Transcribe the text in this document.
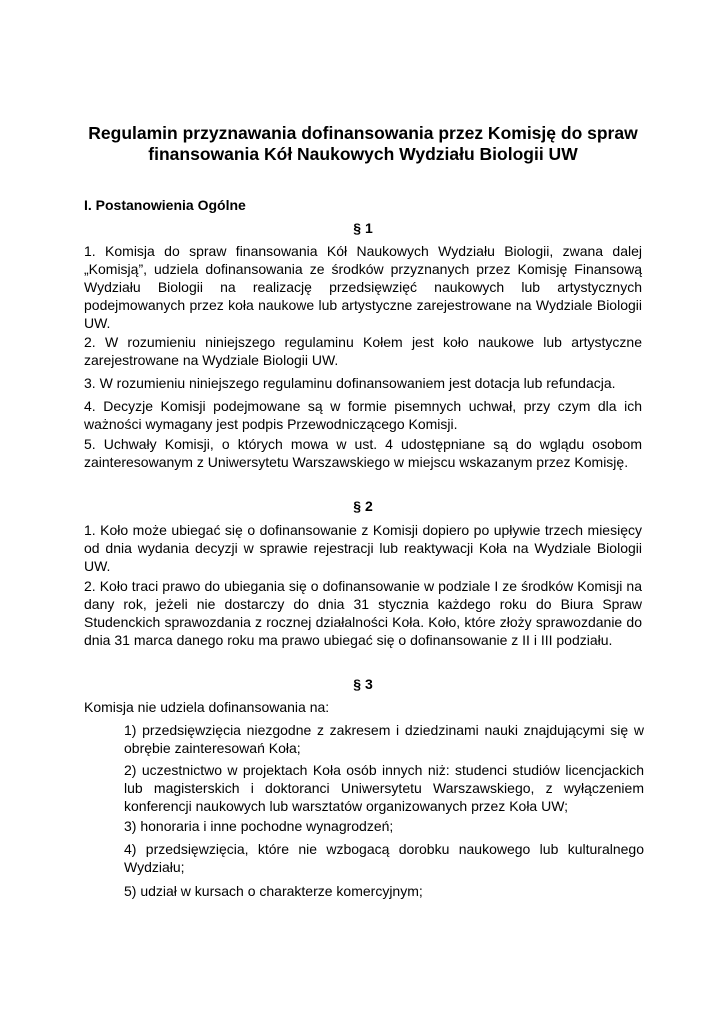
Regulamin przyznawania dofinansowania przez Komisję do spraw finansowania Kół Naukowych Wydziału Biologii UW
I. Postanowienia Ogólne
§ 1

1. Komisja do spraw finansowania Kół Naukowych Wydziału Biologii, zwana dalej „Komisją”, udziela dofinansowania ze środków przyznanych przez Komisję Finansową Wydziału Biologii na realizację przedsięwzięć naukowych lub artystycznych podejmowanych przez koła naukowe lub artystyczne zarejestrowane na Wydziale Biologii UW.

2. W rozumieniu niniejszego regulaminu Kołem jest koło naukowe lub artystyczne zarejestrowane na Wydziale Biologii UW.

3. W rozumieniu niniejszego regulaminu dofinansowaniem jest dotacja lub refundacja.

4. Decyzje Komisji podejmowane są w formie pisemnych uchwał, przy czym dla ich ważności wymagany jest podpis Przewodniczącego Komisji.

5. Uchwały Komisji, o których mowa w ust. 4 udostępniane są do wglądu osobom zainteresowanym z Uniwersytetu Warszawskiego w miejscu wskazanym przez Komisję.

§ 2

1. Koło może ubiegać się o dofinansowanie z Komisji dopiero po upływie trzech miesięcy od dnia wydania decyzji w sprawie rejestracji lub reaktywacji Koła na Wydziale Biologii UW.

2. Koło traci prawo do ubiegania się o dofinansowanie w podziale I ze środków Komisji na dany rok, jeżeli nie dostarczy do dnia 31 stycznia każdego roku do Biura Spraw Studenckich sprawozdania z rocznej działalności Koła. Koło, które złoży sprawozdanie do dnia 31 marca danego roku ma prawo ubiegać się o dofinansowanie z II i III podziału.

§ 3

Komisja nie udziela dofinansowania na:

1) przedsięwzięcia niezgodne z zakresem i dziedzinami nauki znajdującymi się w obrębie zainteresowań Koła;

2) uczestnictwo w projektach Koła osób innych niż: studenci studiów licencjackich lub magisterskich i doktoranci Uniwersytetu Warszawskiego, z wyłączeniem konferencji naukowych lub warsztatów organizowanych przez Koła UW;

3) honoraria i inne pochodne wynagrodzeń;

4) przedsięwzięcia, które nie wzbogacą dorobku naukowego lub kulturalnego Wydziału;

5) udział w kursach o charakterze komercyjnym;
